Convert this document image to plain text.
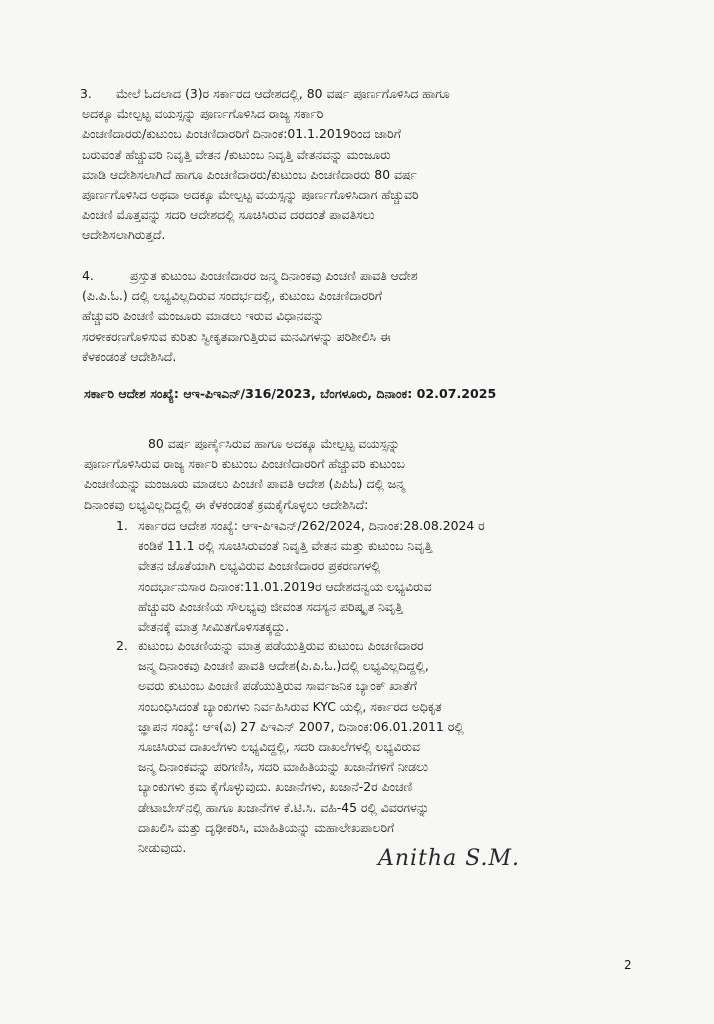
3. ಮೇಲೆ ಓದಲಾದ (3)ರ ಸರ್ಕಾರದ ಆದೇಶದಲ್ಲಿ, 80 ವರ್ಷ ಪೂರ್ಣಗೊಳಿಸಿದ ಹಾಗೂ
ಅದಕ್ಕೂ ಮೇಲ್ಪಟ್ಟ ವಯಸ್ಸನ್ನು ಪೂರ್ಣಗೊಳಿಸಿದ ರಾಜ್ಯ ಸರ್ಕಾರಿ
ಪಿಂಚಣಿದಾರರು/ಕುಟುಂಬ ಪಿಂಚಣಿದಾರರಿಗೆ ದಿನಾಂಕ:01.1.2019ರಿಂದ ಜಾರಿಗೆ
ಬರುವಂತೆ ಹೆಚ್ಚುವರಿ ನಿವೃತ್ತಿ ವೇತನ /ಕುಟುಂಬ ನಿವೃತ್ತಿ ವೇತನವನ್ನು ಮಂಜೂರು
ಮಾಡಿ ಆದೇಶಿಸಲಾಗಿದೆ ಹಾಗೂ ಪಿಂಚಣಿದಾರರು/ಕುಟುಂಬ ಪಿಂಚಣಿದಾರರು 80 ವರ್ಷ
ಪೂರ್ಣಗೊಳಿಸಿದ ಅಥವಾ ಅದಕ್ಕೂ ಮೇಲ್ಪಟ್ಟ ವಯಸ್ಸನ್ನು ಪೂರ್ಣಗೊಳಿಸಿದಾಗ ಹೆಚ್ಚುವರಿ
ಪಿಂಚಣಿ ಮೊತ್ತವನ್ನು ಸದರಿ ಆದೇಶದಲ್ಲಿ ಸೂಚಿಸಿರುವ ದರದಂತೆ ಪಾವತಿಸಲು
ಆದೇಶಿಸಲಾಗಿರುತ್ತದೆ.
4.	ಪ್ರಸ್ತುತ ಕುಟುಂಬ ಪಿಂಚಣಿದಾರರ ಜನ್ಮ ದಿನಾಂಕವು ಪಿಂಚಣಿ ಪಾವತಿ ಆದೇಶ
(ಪಿ.ಪಿ.ಓ.) ದಲ್ಲಿ ಲಭ್ಯವಿಲ್ಲದಿರುವ ಸಂದರ್ಭದಲ್ಲಿ, ಕುಟುಂಬ ಪಿಂಚಣಿದಾರರಿಗೆ
ಹೆಚ್ಚುವರಿ ಪಿಂಚಣಿ ಮಂಜೂರು ಮಾಡಲು ಇರುವ ವಿಧಾನವನ್ನು
ಸರಳೀಕರಣಗೊಳಿಸುವ ಕುರಿತು ಸ್ವೀಕೃತವಾಗುತ್ತಿರುವ ಮನವಿಗಳನ್ನು ಪರಿಶೀಲಿಸಿ ಈ
ಕೆಳಕಂಡಂತೆ ಆದೇಶಿಸಿದೆ.
ಸರ್ಕಾರಿ ಆದೇಶ ಸಂಖ್ಯೆ: ಆಇ-ಪಿಇಎನ್/316/2023, ಬೆಂಗಳೂರು, ದಿನಾಂಕ: 02.07.2025
80 ವರ್ಷ ಪೂರ್ಣೈಸಿರುವ ಹಾಗೂ ಅದಕ್ಕೂ ಮೇಲ್ಪಟ್ಟ ವಯಸ್ಸನ್ನು
ಪೂರ್ಣಗೊಳಿಸಿರುವ ರಾಜ್ಯ ಸರ್ಕಾರಿ ಕುಟುಂಬ ಪಿಂಚಣಿದಾರರಿಗೆ ಹೆಚ್ಚುವರಿ ಕುಟುಂಬ
ಪಿಂಚಣಿಯನ್ನು ಮಂಜೂರು ಮಾಡಲು ಪಿಂಚಣಿ ಪಾವತಿ ಆದೇಶ (ಪಿಪಿಓ) ದಲ್ಲಿ ಜನ್ಮ
ದಿನಾಂಕವು ಲಭ್ಯವಿಲ್ಲದಿದ್ದಲ್ಲಿ ಈ ಕೆಳಕಂಡಂತೆ ಕ್ರಮಕೈಗೊಳ್ಳಲು ಆದೇಶಿಸಿದೆ:
1. ಸರ್ಕಾರದ ಆದೇಶ ಸಂಖ್ಯೆ: ಆಇ-ಪಿಇಎನ್/262/2024, ದಿನಾಂಕ:28.08.2024 ರ
ಕಂಡಿಕೆ 11.1 ರಲ್ಲಿ ಸೂಚಿಸಿರುವಂತೆ ನಿವೃತ್ತಿ ವೇತನ ಮತ್ತು ಕುಟುಂಬ ನಿವೃತ್ತಿ
ವೇತನ ಜೊತೆಯಾಗಿ ಲಭ್ಯವಿರುವ ಪಿಂಚಣಿದಾರರ ಪ್ರಕರಣಗಳಲ್ಲಿ
ಸಂದರ್ಭಾನುಸಾರ ದಿನಾಂಕ:11.01.2019ರ ಆದೇಶದನ್ವಯ ಲಭ್ಯವಿರುವ
ಹೆಚ್ಚುವರಿ ಪಿಂಚಣಿಯ ಸೌಲಭ್ಯವು ಜೀವಂತ ಸದಸ್ಯನ ಪರಿಷ್ಕೃತ ನಿವೃತ್ತಿ
ವೇತನಕ್ಕೆ ಮಾತ್ರ ಸೀಮಿತಗೊಳಿಸತಕ್ಕದ್ದು.
2. ಕುಟುಂಬ ಪಿಂಚಣಿಯನ್ನು ಮಾತ್ರ ಪಡೆಯುತ್ತಿರುವ ಕುಟುಂಬ ಪಿಂಚಣಿದಾರರ
ಜನ್ಮ ದಿನಾಂಕವು ಪಿಂಚಣಿ ಪಾವತಿ ಆದೇಶ(ಪಿ.ಪಿ.ಓ.)ದಲ್ಲಿ ಲಭ್ಯವಿಲ್ಲದಿದ್ದಲ್ಲಿ,
ಅವರು ಕುಟುಂಬ ಪಿಂಚಣಿ ಪಡೆಯುತ್ತಿರುವ ಸಾರ್ವಜನಿಕ ಬ್ಯಾಂಕ್ ಖಾತೆಗೆ
ಸಂಬಂಧಿಸಿದಂತೆ ಬ್ಯಾಂಕುಗಳು ನಿರ್ವಹಿಸಿರುವ KYC ಯಲ್ಲಿ, ಸರ್ಕಾರದ ಅಧಿಕೃತ
ಜ್ಞಾಪನ ಸಂಖ್ಯೆ: ಆಇ(ವಿ) 27 ಪಿಇಎನ್ 2007, ದಿನಾಂಕ:06.01.2011 ರಲ್ಲಿ
ಸೂಚಿಸಿರುವ ದಾಖಲೆಗಳು ಲಭ್ಯವಿದ್ದಲ್ಲಿ, ಸದರಿ ದಾಖಲೆಗಳಲ್ಲಿ ಲಭ್ಯವಿರುವ
ಜನ್ಮ ದಿನಾಂಕವನ್ನು ಪರಿಗಣಿಸಿ, ಸದರಿ ಮಾಹಿತಿಯನ್ನು ಖಜಾನೆಗಳಿಗೆ ನೀಡಲು
ಬ್ಯಾಂಕುಗಳು ಕ್ರಮ ಕೈಗೊಳ್ಳುವುದು. ಖಜಾನೆಗಳು, ಖಜಾನೆ-2ರ ಪಿಂಚಣಿ
ಡೇಟಾಬೇಸ್‌ನಲ್ಲಿ ಹಾಗೂ ಖಜಾನೆಗಳ ಕೆ.ಟಿ.ಸಿ. ವಹಿ-45 ರಲ್ಲಿ ವಿವರಗಳನ್ನು
ದಾಖಲಿಸಿ ಮತ್ತು ದೃಢೀಕರಿಸಿ, ಮಾಹಿತಿಯನ್ನು ಮಹಾಲೇಖಪಾಲರಿಗೆ
ನೀಡುವುದು.	Anitha S.M.
2
